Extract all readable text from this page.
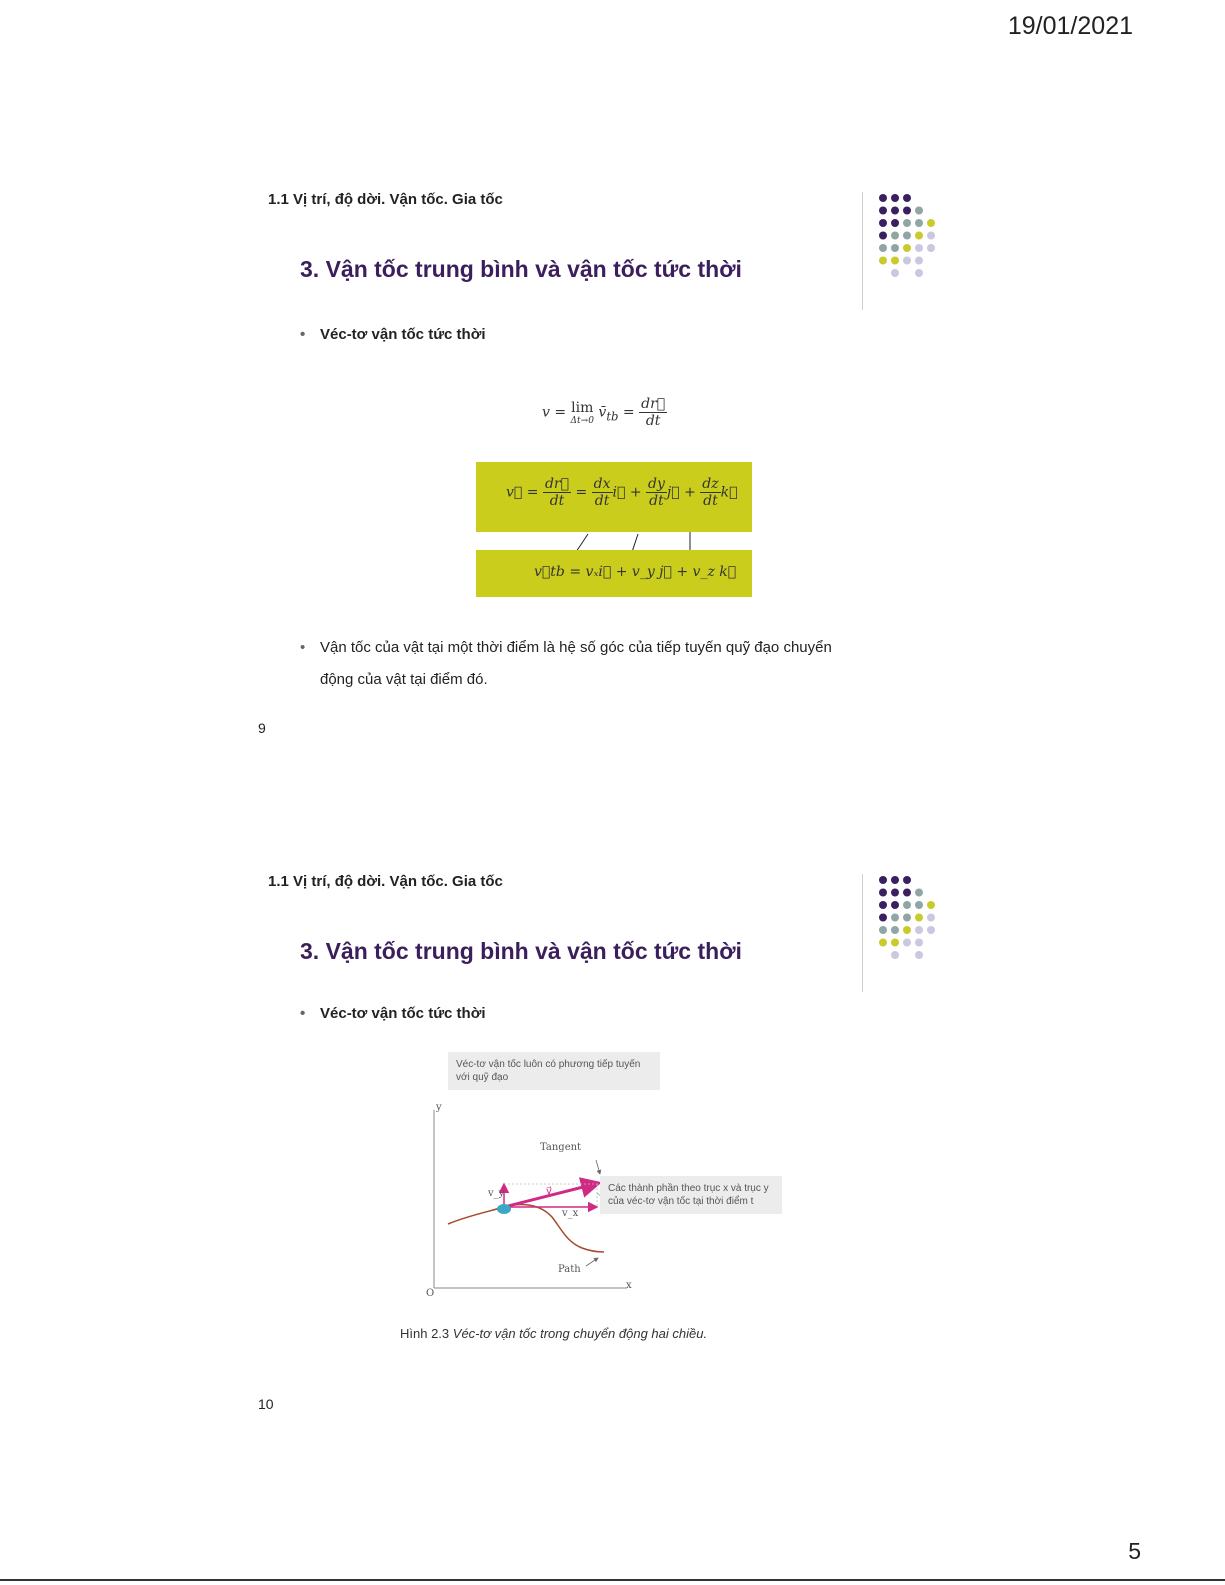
19/01/2021
1.1 Vị trí, độ dời. Vận tốc. Gia tốc
3. Vận tốc trung bình và vận tốc tức thời
• Véc-tơ vận tốc tức thời
v = lim
Δt→0 $v̄_{tb} = \frac{dr⃗}{dt}$
v⃗ = $\frac{dr⃗}{dt} = \frac{dx}{dt}$ i⃗ + $\frac{dy}{dt}$ j⃗ + $\frac{dz}{dt}$ k⃗
v⃗tb = vₓi⃗ + v_y j⃗ + v_z k⃗
• Vận tốc của vật tại một thời điểm là hệ số góc của tiếp tuyến quỹ đạo chuyển
động của vật tại điểm đó.
9
1.1 Vị trí, độ dời. Vận tốc. Gia tốc
3. Vận tốc trung bình và vận tốc tức thời
• Véc-tơ vận tốc tức thời
Véc-tơ vận tốc luôn có phương tiếp tuyến với quỹ đạo
Các thành phần theo trục x và trục y của véc-tơ vận tốc tại thời điểm t
Tangent
Path
y
x
O
v⃗
v_y
v_x
Hình 2.3 Véc-tơ vận tốc trong chuyển động hai chiều.
10
5
